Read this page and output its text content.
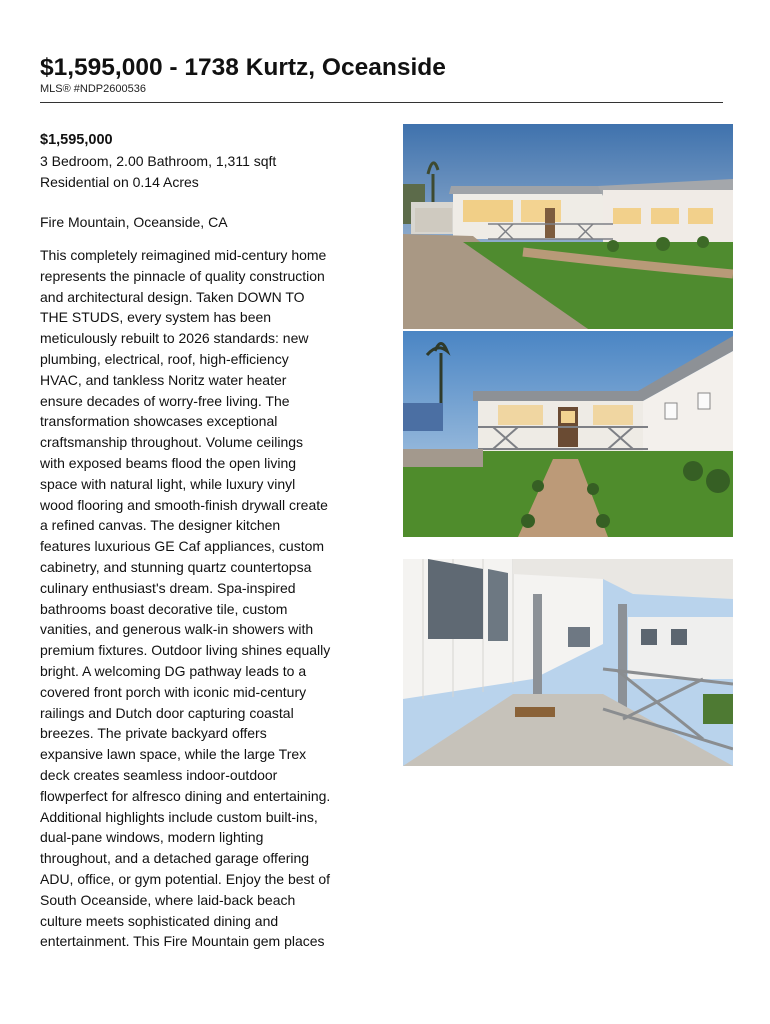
$1,595,000 - 1738 Kurtz, Oceanside
MLS® #NDP2600536
$1,595,000
3 Bedroom, 2.00 Bathroom, 1,311 sqft
Residential on 0.14 Acres
Fire Mountain, Oceanside, CA
This completely reimagined mid-century home
represents the pinnacle of quality construction
and architectural design. Taken DOWN TO
THE STUDS, every system has been
meticulously rebuilt to 2026 standards: new
plumbing, electrical, roof, high-efficiency
HVAC, and tankless Noritz water heater
ensure decades of worry-free living. The
transformation showcases exceptional
craftsmanship throughout. Volume ceilings
with exposed beams flood the open living
space with natural light, while luxury vinyl
wood flooring and smooth-finish drywall create
a refined canvas. The designer kitchen
features luxurious GE Caf appliances, custom
cabinetry, and stunning quartz countertopsa
culinary enthusiast's dream. Spa-inspired
bathrooms boast decorative tile, custom
vanities, and generous walk-in showers with
premium fixtures. Outdoor living shines equally
bright. A welcoming DG pathway leads to a
covered front porch with iconic mid-century
railings and Dutch door capturing coastal
breezes. The private backyard offers
expansive lawn space, while the large Trex
deck creates seamless indoor-outdoor
flowperfect for alfresco dining and entertaining.
Additional highlights include custom built-ins,
dual-pane windows, modern lighting
throughout, and a detached garage offering
ADU, office, or gym potential. Enjoy the best of
South Oceanside, where laid-back beach
culture meets sophisticated dining and
entertainment. This Fire Mountain gem places
